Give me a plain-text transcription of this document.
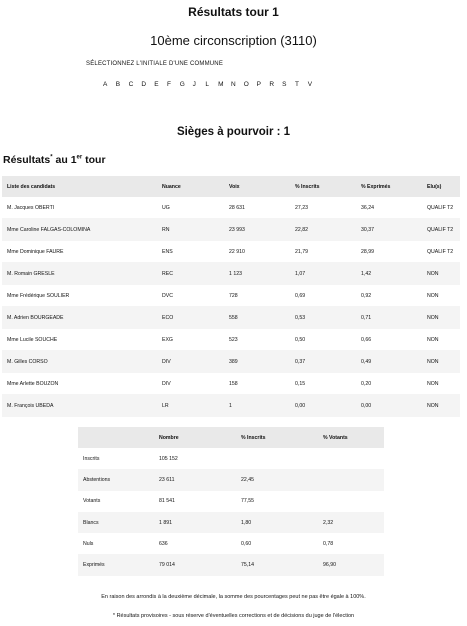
Résultats tour 1
10ème circonscription (3110)
SÉLECTIONNEZ L'INITIALE D'UNE COMMUNE
A	B	C	D	E	F	G	J	L	M	N	O	P	R	S	T	V
Sièges à pourvoir : 1
Résultats* au 1er tour
Liste des candidats	Nuance	Voix	% Inscrits	% Exprimés	Elu(s)
M. Jacques OBERTI	UG	28 631	27,23	36,24	QUALIF T2
Mme Caroline FALGAS-COLOMINA	RN	23 993	22,82	30,37	QUALIF T2
Mme Dominique FAURE	ENS	22 910	21,79	28,99	QUALIF T2
M. Romain GRESLE	REC	1 123	1,07	1,42	NON
Mme Frédérique SOULIER	DVC	728	0,69	0,92	NON
M. Adrien BOURGEADE	ECO	558	0,53	0,71	NON
Mme Lucile SOUCHE	EXG	523	0,50	0,66	NON
M. Gilles CORSO	DIV	389	0,37	0,49	NON
Mme Arlette BOUZON	DIV	158	0,15	0,20	NON
M. François UBEDA	LR	1	0,00	0,00	NON
	Nombre	% Inscrits	% Votants
Inscrits	105 152		
Abstentions	23 611	22,45	
Votants	81 541	77,55	
Blancs	1 891	1,80	2,32
Nuls	636	0,60	0,78
Exprimés	79 014	75,14	96,90
En raison des arrondis à la deuxième décimale, la somme des pourcentages peut ne pas être égale à 100%.
* Résultats provisoires - sous réserve d'éventuelles corrections et de décisions du juge de l'élection
